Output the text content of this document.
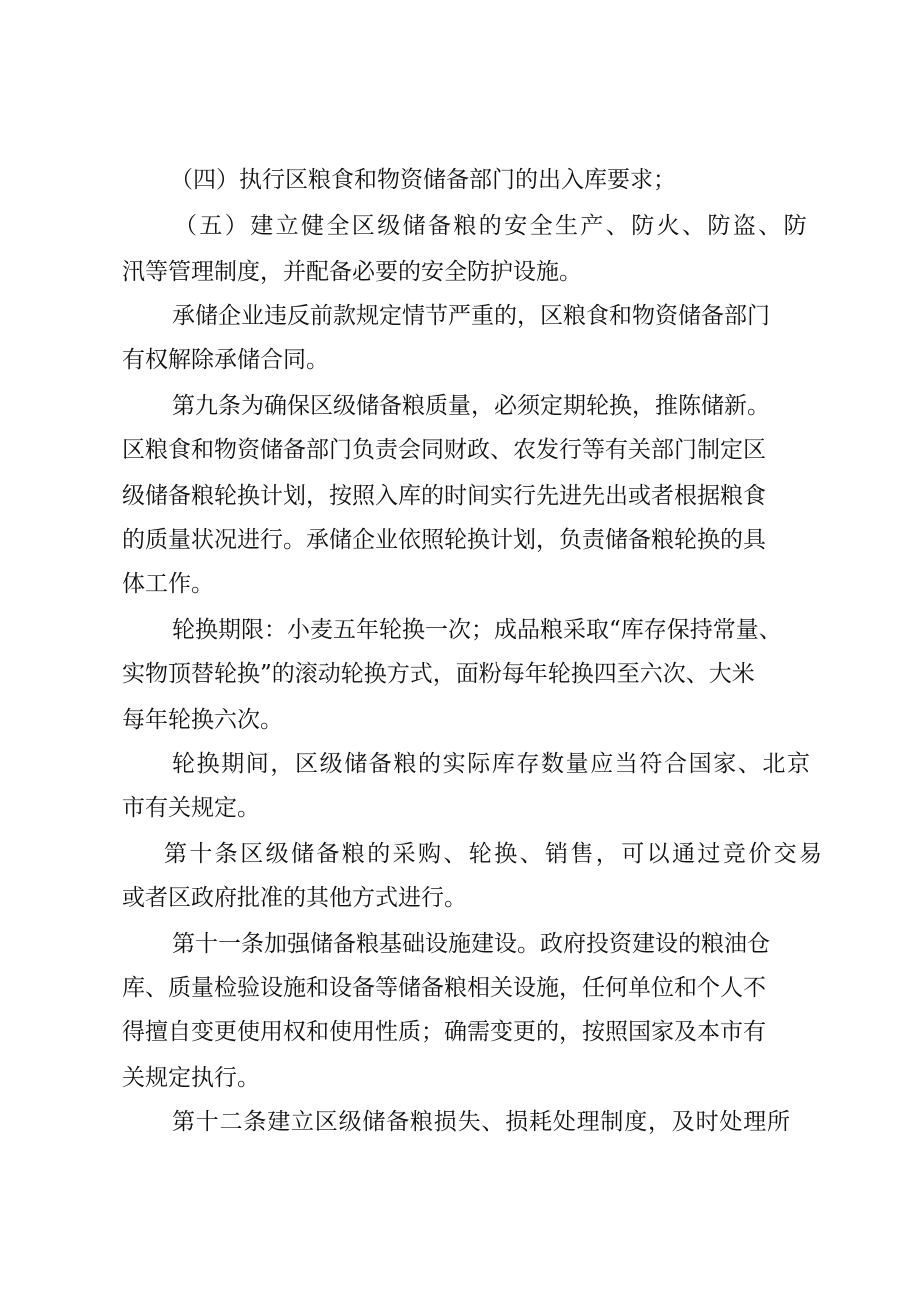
（四）执行区粮食和物资储备部门的出入库要求；
（五）建立健全区级储备粮的安全生产、防火、防盗、防
汛等管理制度，并配备必要的安全防护设施。
承储企业违反前款规定情节严重的，区粮食和物资储备部门
有权解除承储合同。
第九条为确保区级储备粮质量，必须定期轮换，推陈储新。
区粮食和物资储备部门负责会同财政、农发行等有关部门制定区
级储备粮轮换计划，按照入库的时间实行先进先出或者根据粮食
的质量状况进行。承储企业依照轮换计划，负责储备粮轮换的具
体工作。
轮换期限：小麦五年轮换一次；成品粮采取“库存保持常量、
实物顶替轮换”的滚动轮换方式，面粉每年轮换四至六次、大米
每年轮换六次。
轮换期间，区级储备粮的实际库存数量应当符合国家、北京
市有关规定。
第十条区级储备粮的采购、轮换、销售，可以通过竞价交易
或者区政府批准的其他方式进行。
第十一条加强储备粮基础设施建设。政府投资建设的粮油仓
库、质量检验设施和设备等储备粮相关设施，任何单位和个人不
得擅自变更使用权和使用性质；确需变更的，按照国家及本市有
关规定执行。
第十二条建立区级储备粮损失、损耗处理制度，及时处理所
